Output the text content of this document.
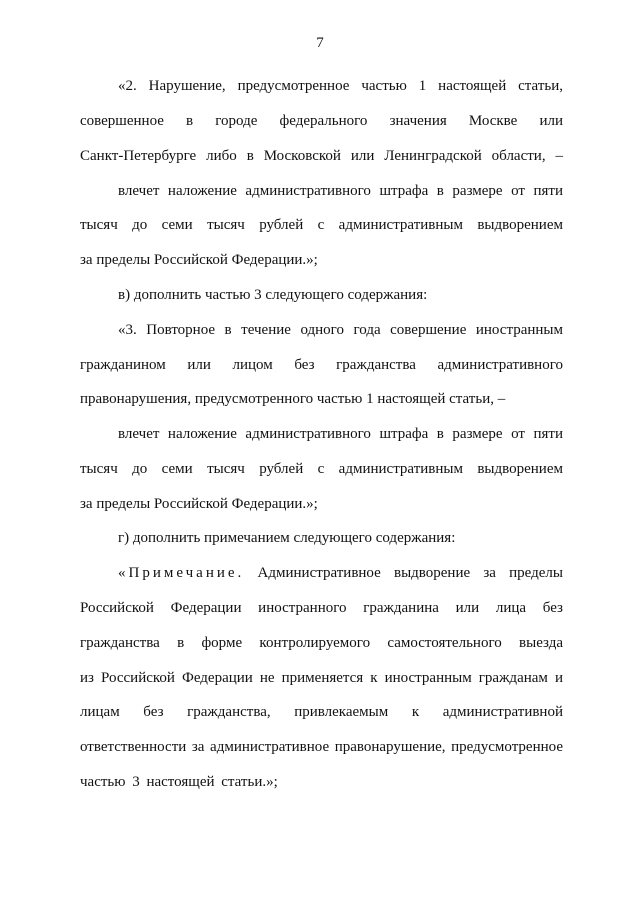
7
«2. Нарушение, предусмотренное частью 1 настоящей статьи,
совершенное в городе федерального значения Москве или
Санкт-Петербурге либо в Московской или Ленинградской области, –
влечет наложение административного штрафа в размере от пяти
тысяч до семи тысяч рублей с административным выдворением
за пределы Российской Федерации.»;
в) дополнить частью 3 следующего содержания:
«3. Повторное в течение одного года совершение иностранным
гражданином или лицом без гражданства административного
правонарушения, предусмотренного частью 1 настоящей статьи, –
влечет наложение административного штрафа в размере от пяти
тысяч до семи тысяч рублей с административным выдворением
за пределы Российской Федерации.»;
г) дополнить примечанием следующего содержания:
«Примечание. Административное выдворение за пределы
Российской Федерации иностранного гражданина или лица без
гражданства в форме контролируемого самостоятельного выезда
из Российской Федерации не применяется к иностранным гражданам и
лицам без гражданства, привлекаемым к административной
ответственности за административное правонарушение, предусмотренное
частью 3 настоящей статьи.»;
